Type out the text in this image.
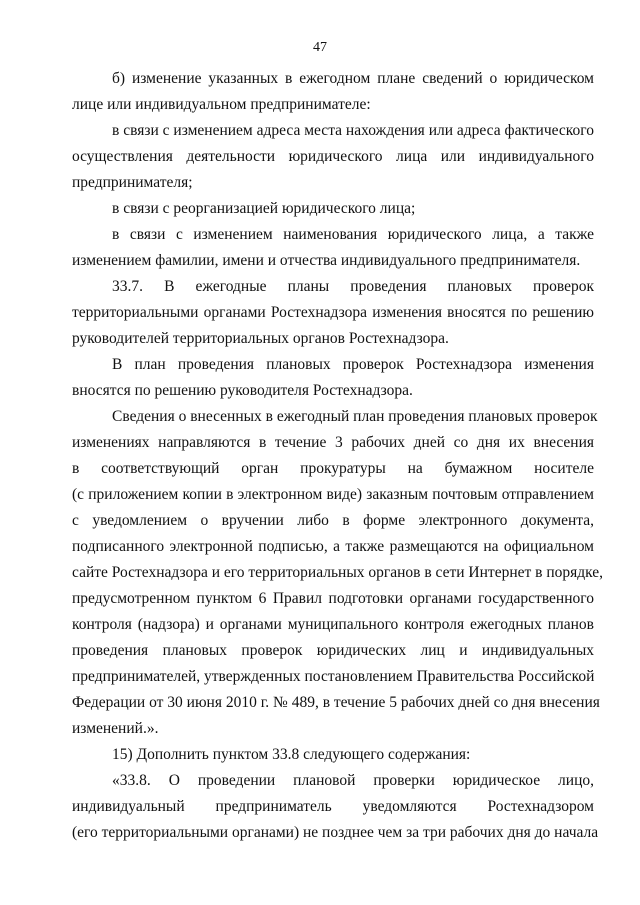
47
б) изменение указанных в ежегодном плане сведений о юридическом
лице или индивидуальном предпринимателе:
в связи с изменением адреса места нахождения или адреса фактического
осуществления деятельности юридического лица или индивидуального
предпринимателя;
в связи с реорганизацией юридического лица;
в связи с изменением наименования юридического лица, а также
изменением фамилии, имени и отчества индивидуального предпринимателя.
33.7. В ежегодные планы проведения плановых проверок
территориальными органами Ростехнадзора изменения вносятся по решению
руководителей территориальных органов Ростехнадзора.
В план проведения плановых проверок Ростехнадзора изменения
вносятся по решению руководителя Ростехнадзора.
Сведения о внесенных в ежегодный план проведения плановых проверок
изменениях направляются в течение 3 рабочих дней со дня их внесения
в соответствующий орган прокуратуры на бумажном носителе
(с приложением копии в электронном виде) заказным почтовым отправлением
с уведомлением о вручении либо в форме электронного документа,
подписанного электронной подписью, а также размещаются на официальном
сайте Ростехнадзора и его территориальных органов в сети Интернет в порядке,
предусмотренном пунктом 6 Правил подготовки органами государственного
контроля (надзора) и органами муниципального контроля ежегодных планов
проведения плановых проверок юридических лиц и индивидуальных
предпринимателей, утвержденных постановлением Правительства Российской
Федерации от 30 июня 2010 г. № 489, в течение 5 рабочих дней со дня внесения
изменений.».
15) Дополнить пунктом 33.8 следующего содержания:
«33.8. О проведении плановой проверки юридическое лицо,
индивидуальный предприниматель уведомляются Ростехнадзором
(его территориальными органами) не позднее чем за три рабочих дня до начала
